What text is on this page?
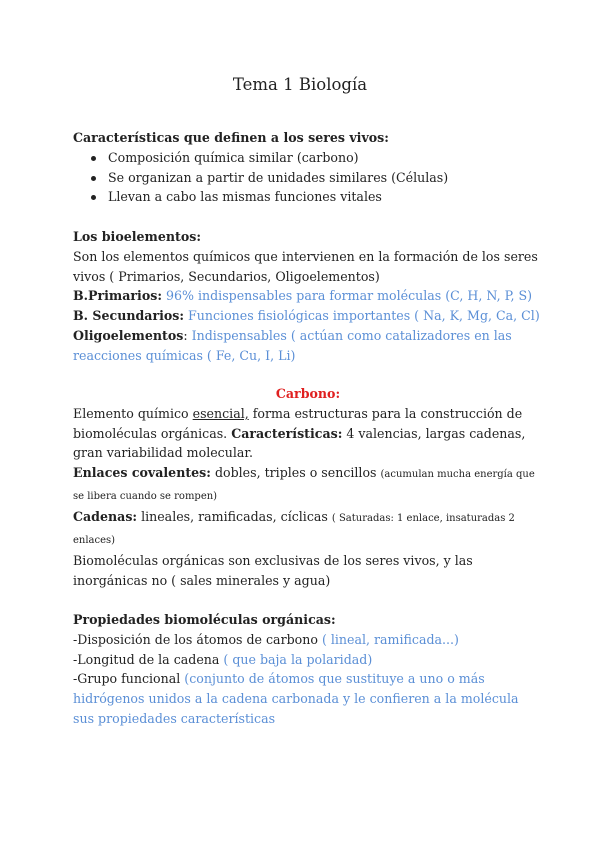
Tema 1 Biología
Características que definen a los seres vivos:
Composición química similar (carbono)
Se organizan a partir de unidades similares (Células)
Llevan a cabo las mismas funciones vitales
Los bioelementos:
Son los elementos químicos que intervienen en la formación de los seres vivos ( Primarios, Secundarios, Oligoelementos)
B.Primarios: 96% indispensables para formar moléculas (C, H, N, P, S)
B. Secundarios: Funciones fisiológicas importantes ( Na, K, Mg, Ca, Cl)
Oligoelementos: Indispensables ( actúan como catalizadores en las reacciones químicas ( Fe, Cu, I, Li)
Carbono:
Elemento químico esencial, forma estructuras para la construcción de biomoléculas orgánicas. Características: 4 valencias, largas cadenas, gran variabilidad molecular.
Enlaces covalentes: dobles, triples o sencillos (acumulan mucha energía que se libera cuando se rompen)
Cadenas: lineales, ramificadas, cíclicas ( Saturadas: 1 enlace, insaturadas 2 enlaces)
Biomoléculas orgánicas son exclusivas de los seres vivos, y las inorgánicas no ( sales minerales y agua)
Propiedades biomoléculas orgánicas:
-Disposición de los átomos de carbono ( lineal, ramificada...)
-Longitud de la cadena ( que baja la polaridad)
-Grupo funcional (conjunto de átomos que sustituye a uno o más hidrógenos unidos a la cadena carbonada y le confieren a la molécula sus propiedades características
